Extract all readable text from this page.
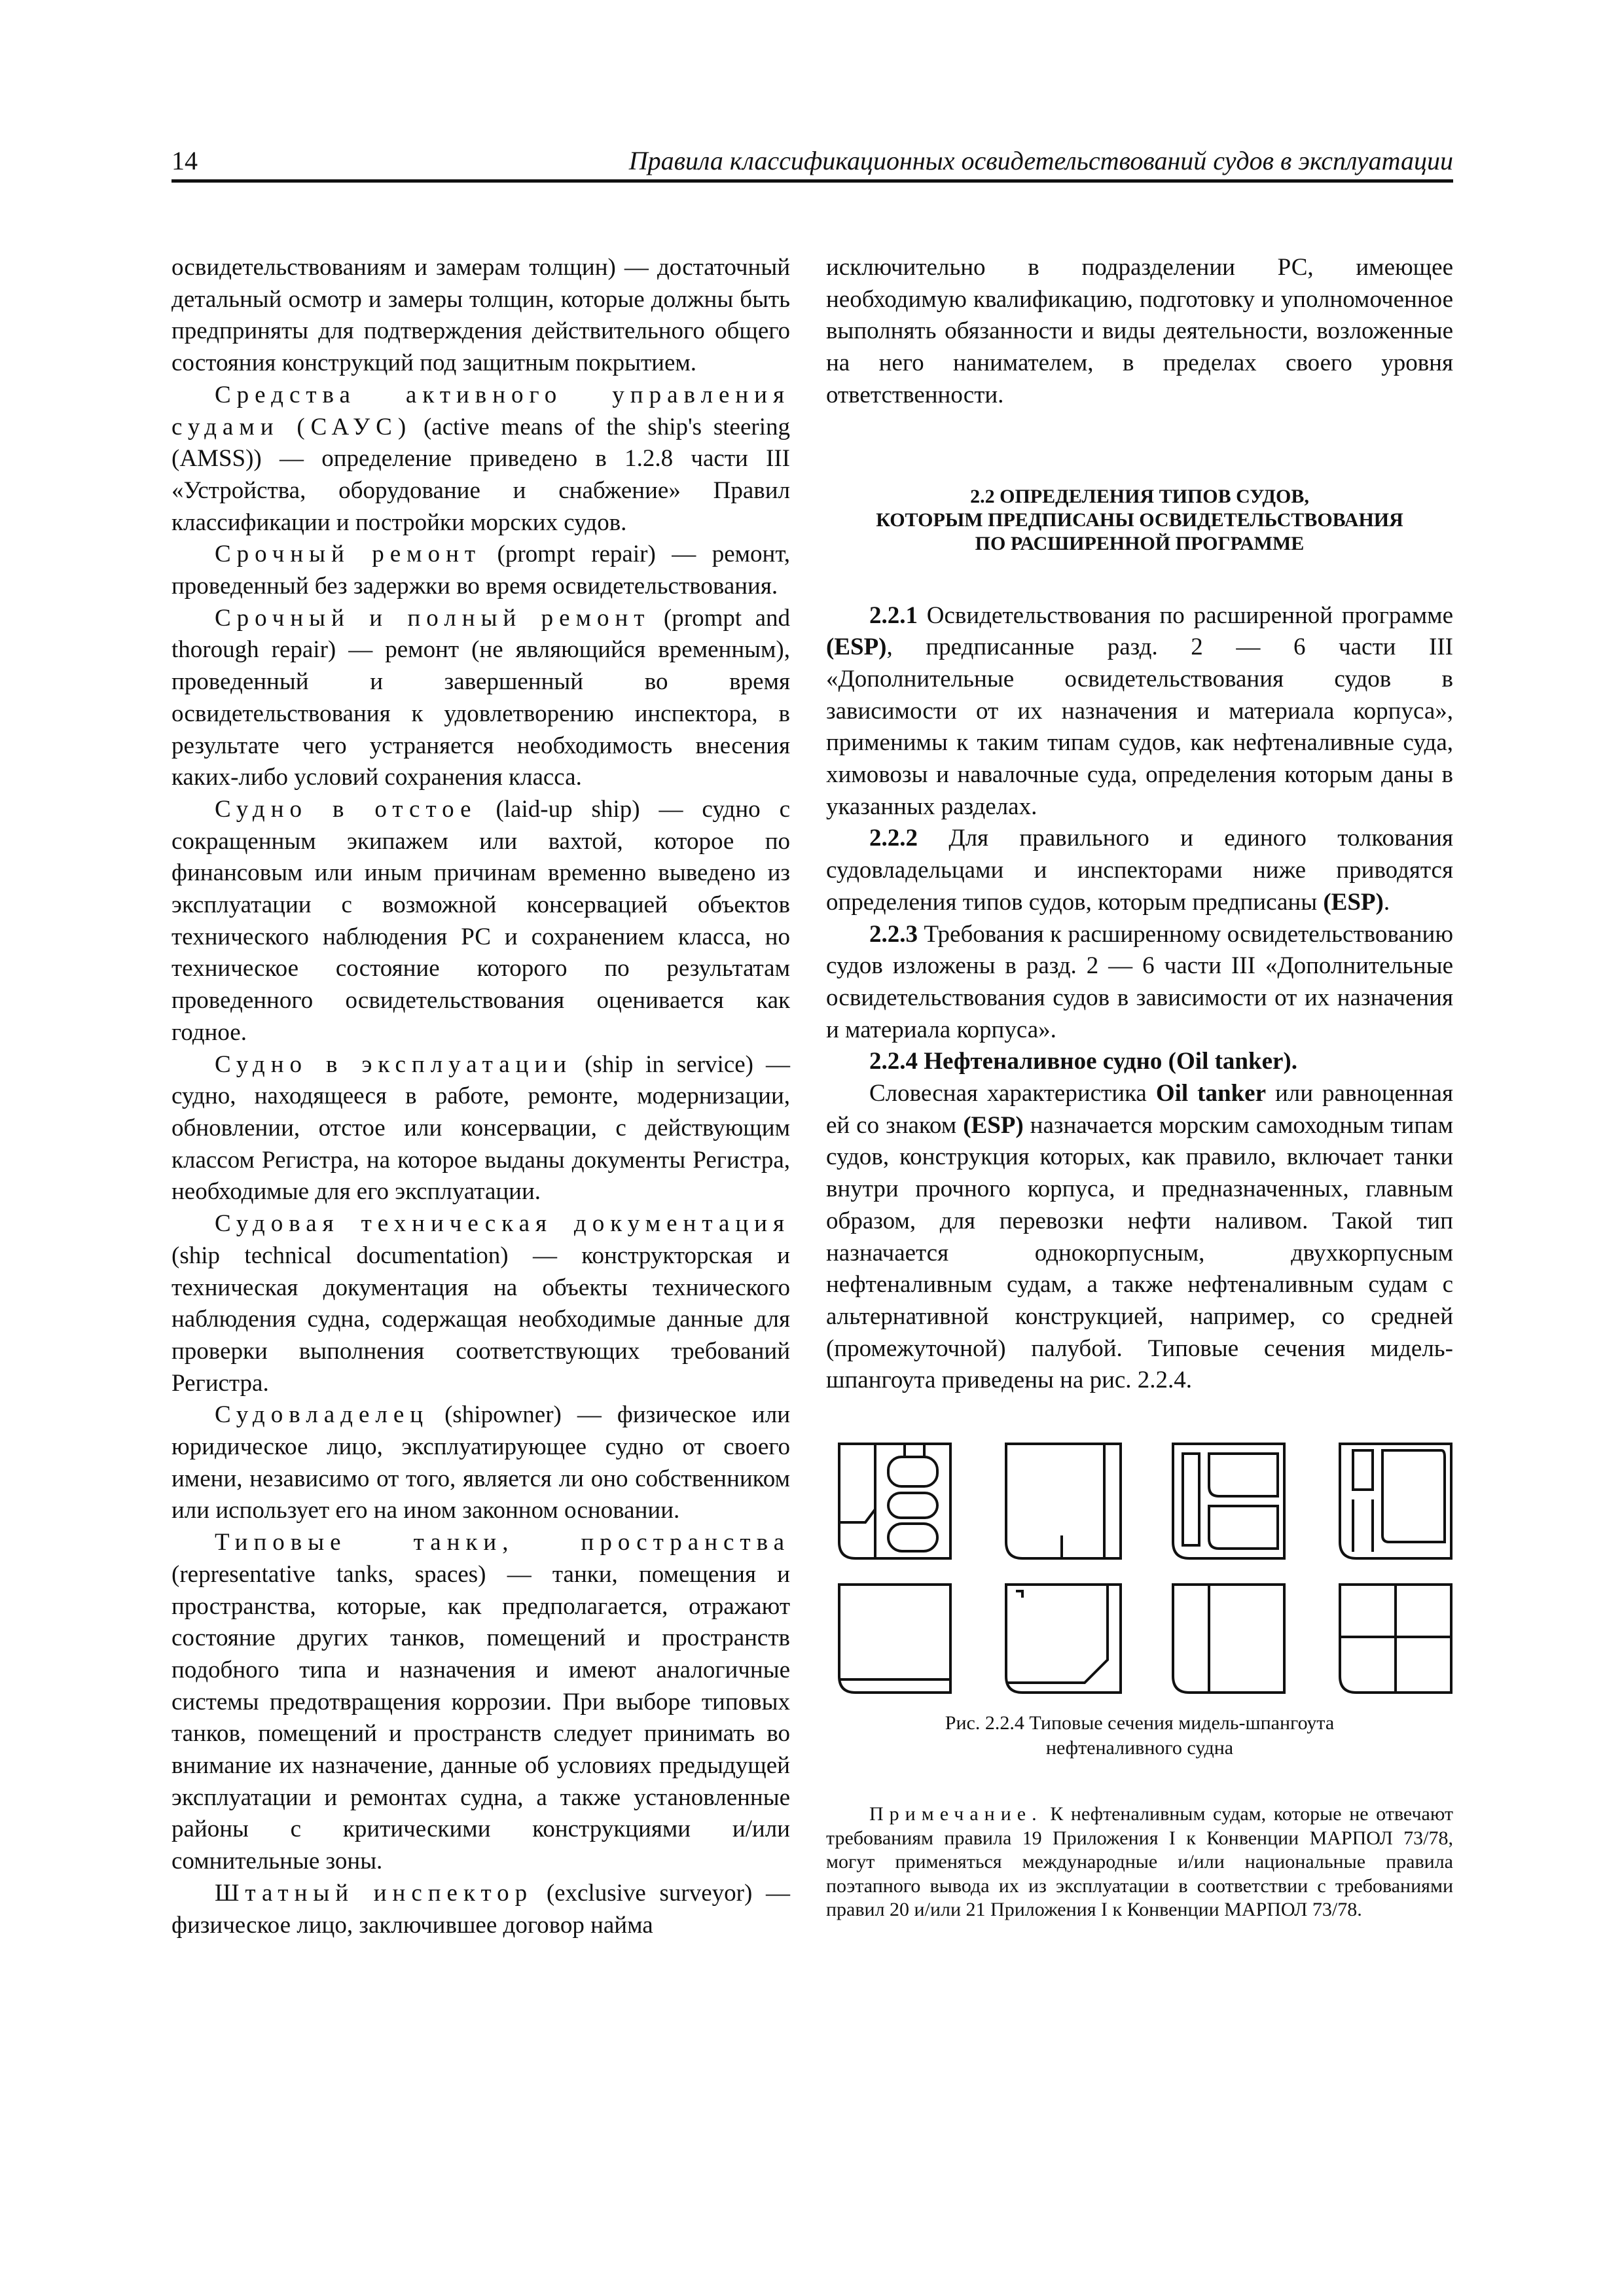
14	Правила классификационных освидетельствований судов в эксплуатации

освидетельствованиям и замерам толщин) — достаточный детальный осмотр и замеры толщин, которые должны быть предприняты для подтверждения действительного общего состояния конструкций под защитным покрытием.

Средства активного управления судами (САУС) (active means of the ship's steering (AMSS)) — определение приведено в 1.2.8 части III «Устройства, оборудование и снабжение» Правил классификации и постройки морских судов.

Срочный ремонт (prompt repair) — ремонт, проведенный без задержки во время освидетельствования.

Срочный и полный ремонт (prompt and thorough repair) — ремонт (не являющийся временным), проведенный и завершенный во время освидетельствования к удовлетворению инспектора, в результате чего устраняется необходимость внесения каких-либо условий сохранения класса.

Судно в отстое (laid-up ship) — судно с сокращенным экипажем или вахтой, которое по финансовым или иным причинам временно выведено из эксплуатации с возможной консервацией объектов технического наблюдения РС и сохранением класса, но техническое состояние которого по результатам проведенного освидетельствования оценивается как годное.

Судно в эксплуатации (ship in service) — судно, находящееся в работе, ремонте, модернизации, обновлении, отстое или консервации, с действующим классом Регистра, на которое выданы документы Регистра, необходимые для его эксплуатации.

Судовая техническая документация (ship technical documentation) — конструкторская и техническая документация на объекты технического наблюдения судна, содержащая необходимые данные для проверки выполнения соответствующих требований Регистра.

Судовладелец (shipowner) — физическое или юридическое лицо, эксплуатирующее судно от своего имени, независимо от того, является ли оно собственником или использует его на ином законном основании.

Типовые танки, пространства (representative tanks, spaces) — танки, помещения и пространства, которые, как предполагается, отражают состояние других танков, помещений и пространств подобного типа и назначения и имеют аналогичные системы предотвращения коррозии. При выборе типовых танков, помещений и пространств следует принимать во внимание их назначение, данные об условиях предыдущей эксплуатации и ремонтах судна, а также установленные районы с критическими конструкциями и/или сомнительные зоны.

Штатный инспектор (exclusive surveyor) — физическое лицо, заключившее договор найма

исключительно в подразделении РС, имеющее необходимую квалификацию, подготовку и уполномоченное выполнять обязанности и виды деятельности, возложенные на него нанимателем, в пределах своего уровня ответственности.

2.2 ОПРЕДЕЛЕНИЯ ТИПОВ СУДОВ,
КОТОРЫМ ПРЕДПИСАНЫ ОСВИДЕТЕЛЬСТВОВАНИЯ
ПО РАСШИРЕННОЙ ПРОГРАММЕ

2.2.1 Освидетельствования по расширенной программе (ESP), предписанные разд. 2 — 6 части III «Дополнительные освидетельствования судов в зависимости от их назначения и материала корпуса», применимы к таким типам судов, как нефтеналивные суда, химовозы и навалочные суда, определения которым даны в указанных разделах.

2.2.2 Для правильного и единого толкования судовладельцами и инспекторами ниже приводятся определения типов судов, которым предписаны (ESP).

2.2.3 Требования к расширенному освидетельствованию судов изложены в разд. 2 — 6 части III «Дополнительные освидетельствования судов в зависимости от их назначения и материала корпуса».

2.2.4 Нефтеналивное судно (Oil tanker).

Словесная характеристика Oil tanker или равноценная ей со знаком (ESP) назначается морским самоходным типам судов, конструкция которых, как правило, включает танки внутри прочного корпуса, и предназначенных, главным образом, для перевозки нефти наливом. Такой тип назначается однокорпусным, двухкорпусным нефтеналивным судам, а также нефтеналивным судам с альтернативной конструкцией, например, со средней (промежуточной) палубой. Типовые сечения мидель-шпангоута приведены на рис. 2.2.4.

Рис. 2.2.4 Типовые сечения мидель-шпангоута
нефтеналивного судна

Примечание. К нефтеналивным судам, которые не отвечают требованиям правила 19 Приложения I к Конвенции МАРПОЛ 73/78, могут применяться международные и/или национальные правила поэтапного вывода их из эксплуатации в соответствии с требованиями правил 20 и/или 21 Приложения I к Конвенции МАРПОЛ 73/78.
